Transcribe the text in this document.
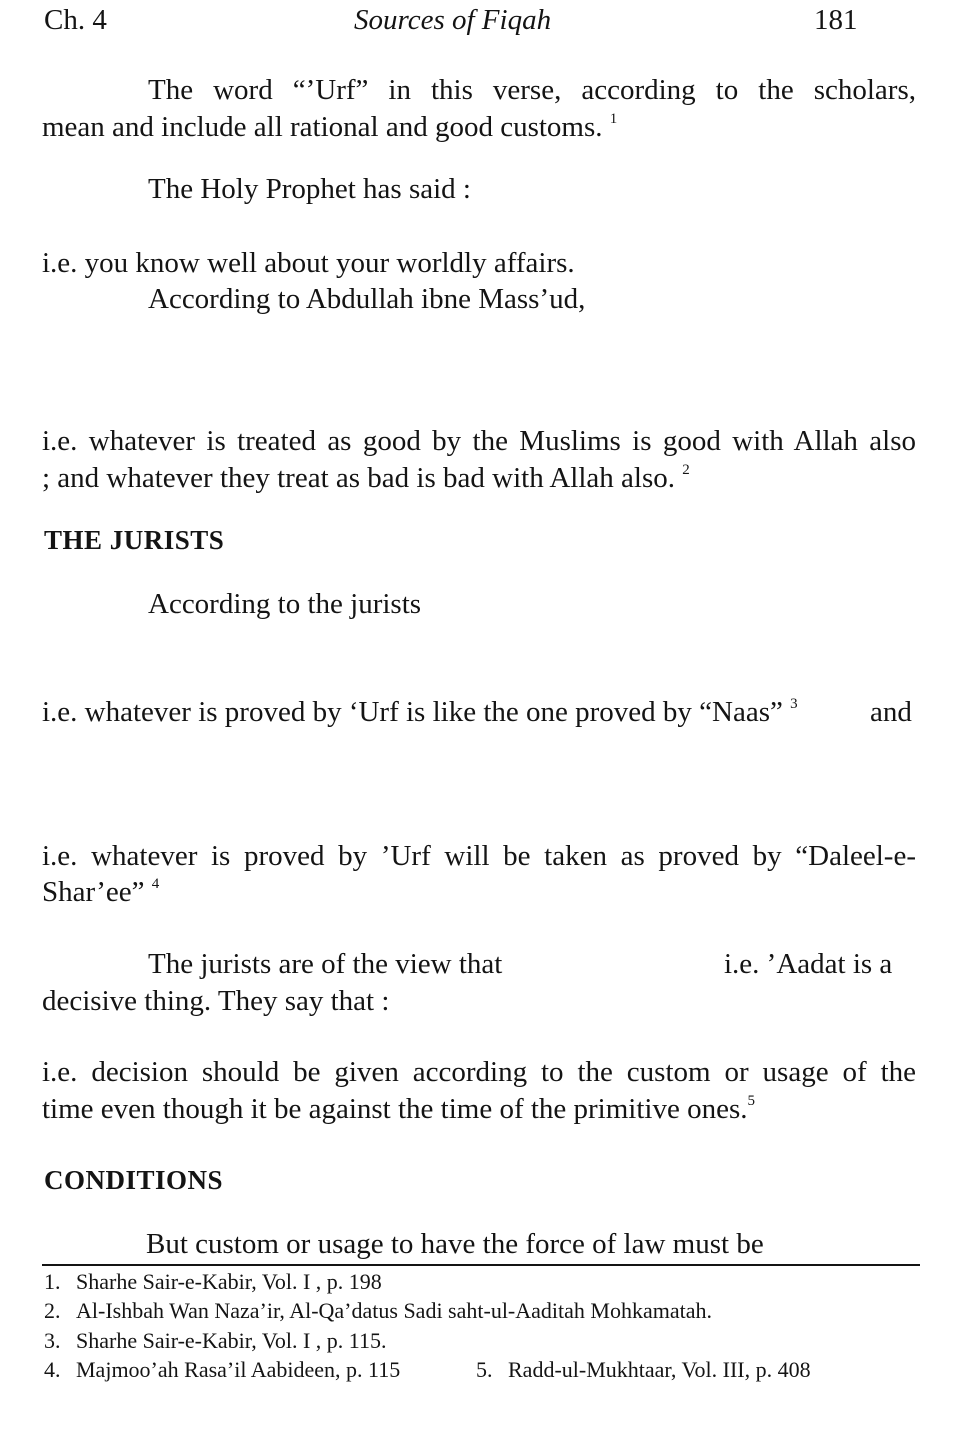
Ch. 4	Sources of Fiqah	181
The word “’Urf” in this verse, according to the scholars,
mean and include all rational and good customs. $^1$
The Holy Prophet has said :
i.e. you know well about your worldly affairs.
According to Abdullah ibne Mass’ud,
i.e. whatever is treated as good by the Muslims is good with Allah also
; and whatever they treat as bad is bad with Allah also. $^2$
THE JURISTS
According to the jurists
i.e. whatever is proved by ‘Urf is like the one proved by “Naas” $^3$ and
i.e. whatever is proved by ’Urf will be taken as proved by “Daleel-e-
Shar’ee” $^4$
The jurists are of the view that	i.e. ’Aadat is a
decisive thing. They say that :
i.e. decision should be given according to the custom or usage of the
time even though it be against the time of the primitive ones.$^5$
CONDITIONS
But custom or usage to have the force of law must be
1. Sharhe Sair-e-Kabir, Vol. I , p. 198
2. Al-Ishbah Wan Naza’ir, Al-Qa’datus Sadi saht-ul-Aaditah Mohkamatah.
3. Sharhe Sair-e-Kabir, Vol. I , p. 115.
4. Majmoo’ah Rasa’il Aabideen, p. 115	5. Radd-ul-Mukhtaar, Vol. III, p. 408
